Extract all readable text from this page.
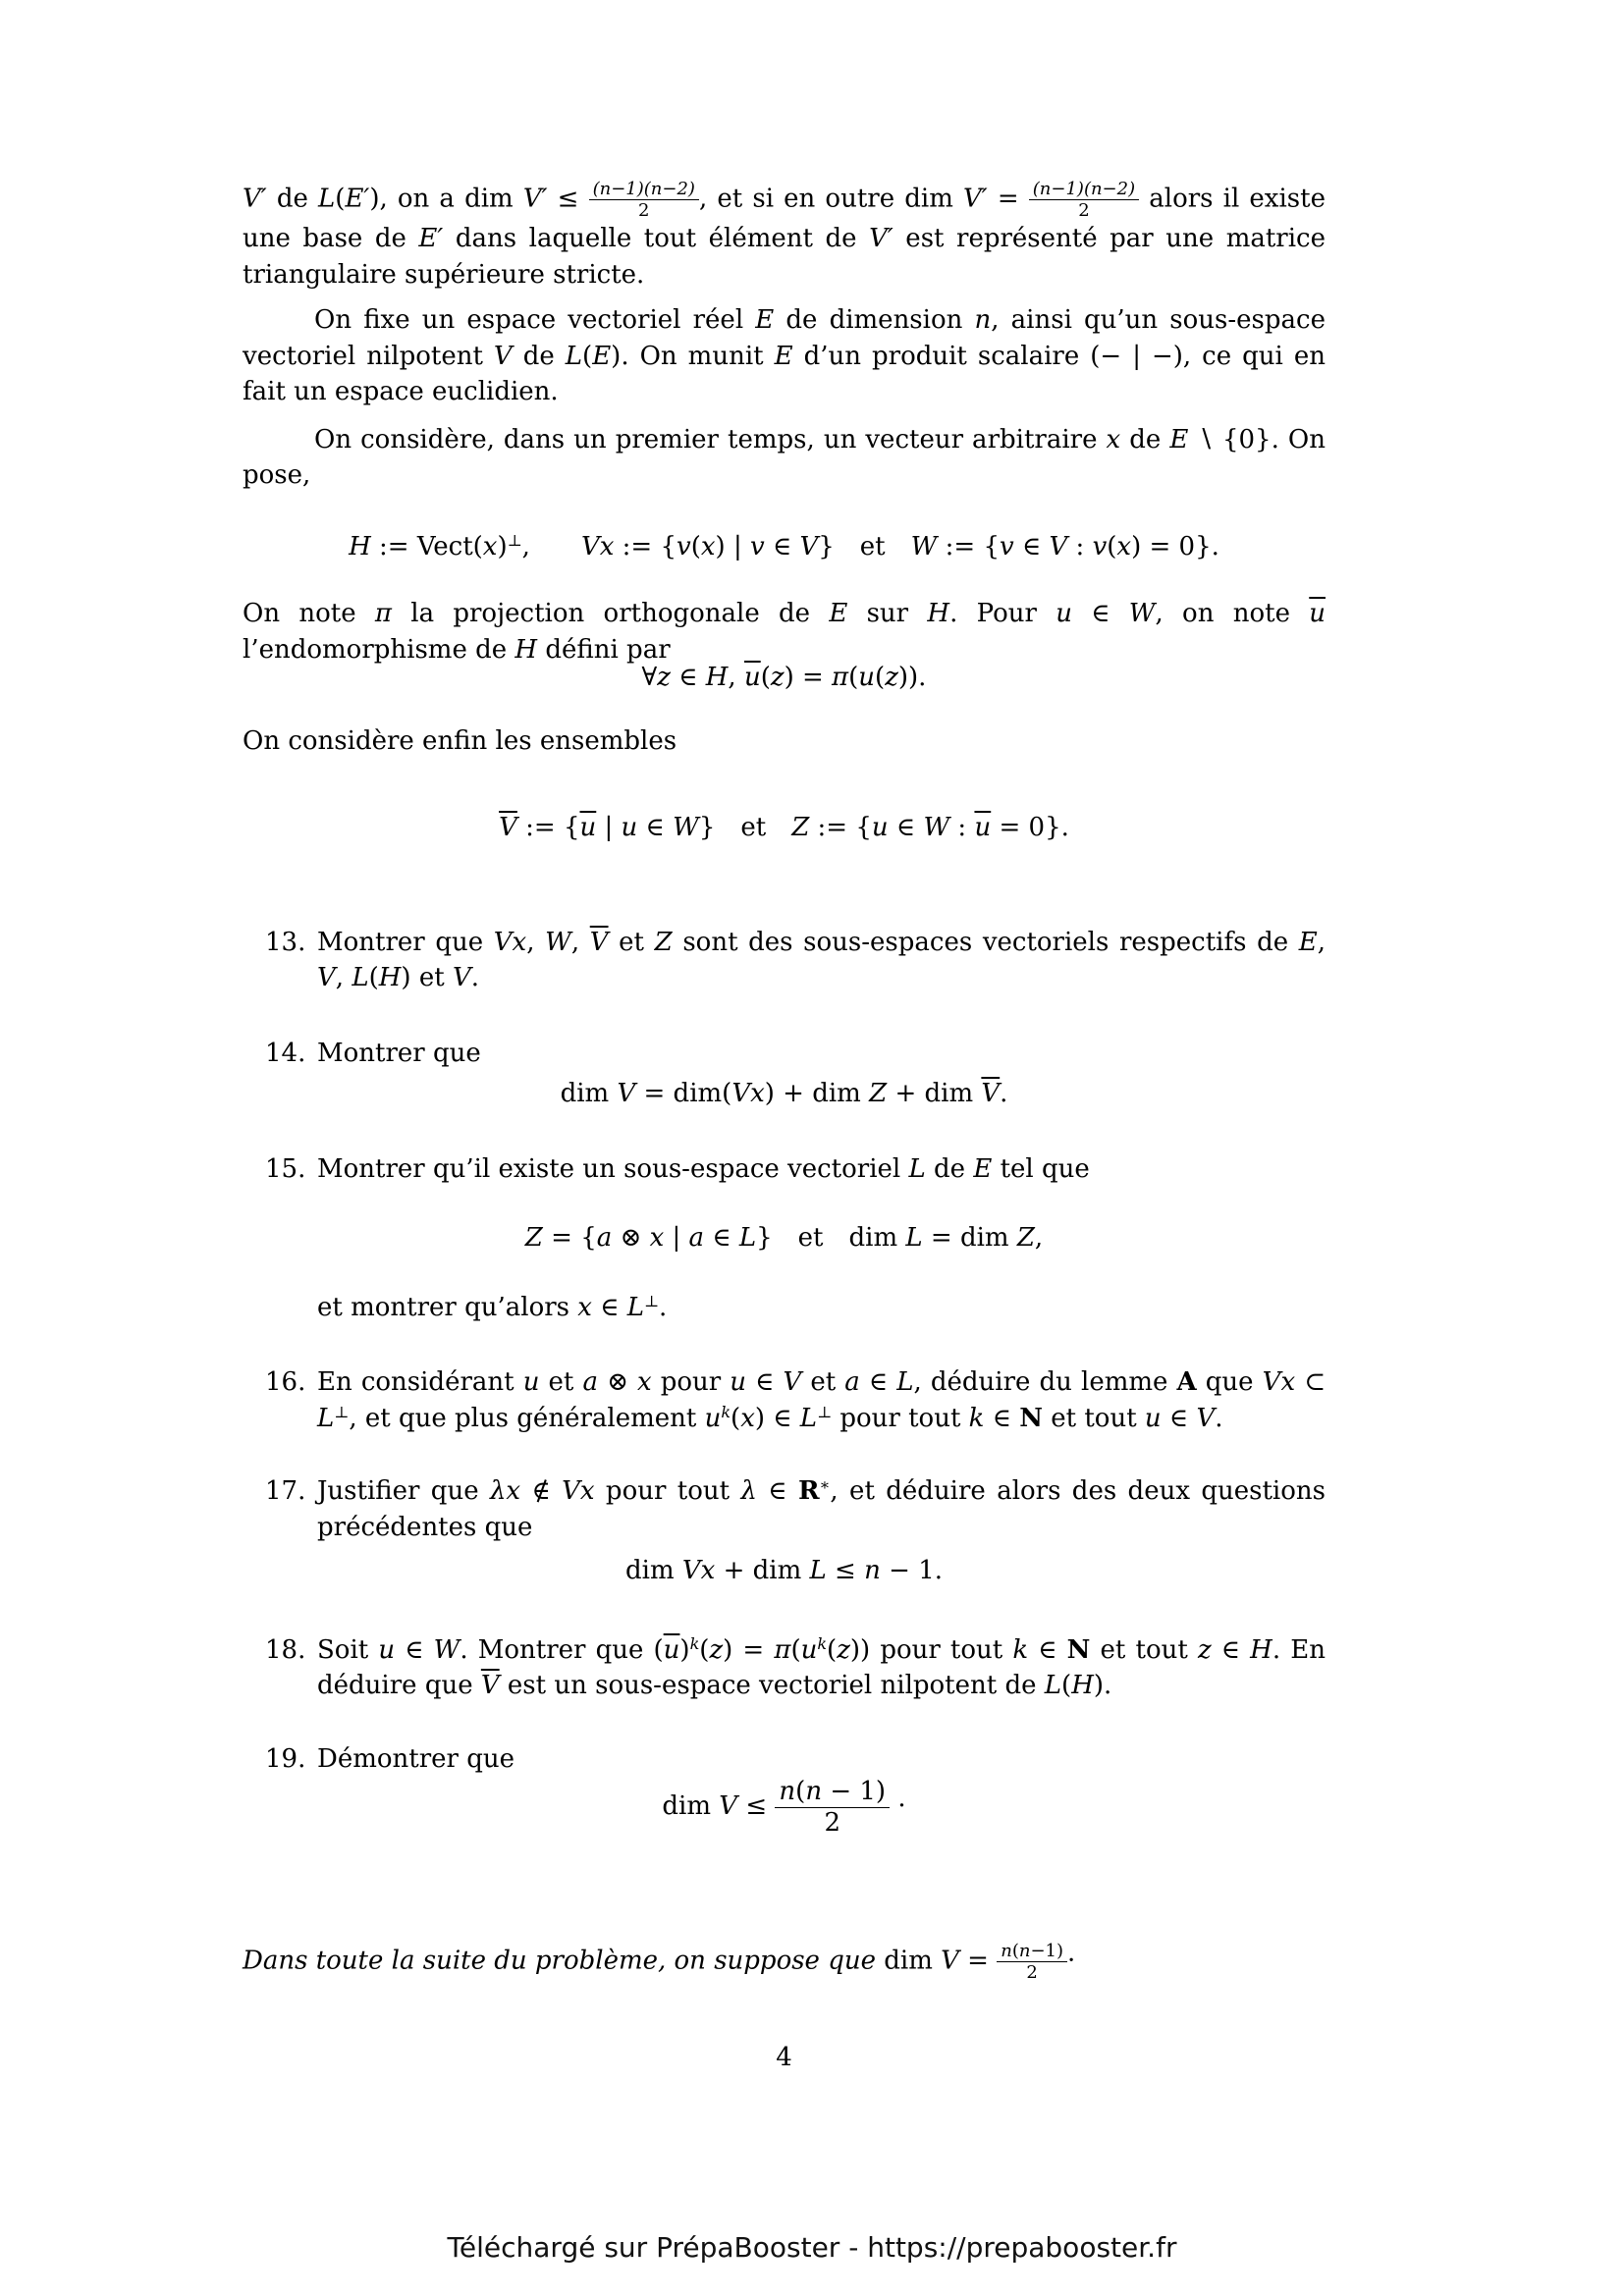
V′ de L(E′), on a dim $V' \le \frac{(n-1)(n-2)}{2}$ , et si en outre dim $V' = \frac{(n-1)(n-2)}{2}$ alors il existe une base de E′ dans laquelle tout élément de V′ est représenté par une matrice triangulaire supérieure stricte.
On fixe un espace vectoriel réel E de dimension n, ainsi qu’un sous-espace vectoriel nilpotent V de L(E). On munit E d’un produit scalaire (− | −), ce qui en fait un espace euclidien.
On considère, dans un premier temps, un vecteur arbitraire x de E ∖ {0}. On pose,
H := Vect(x)⊥,  Vx := {v(x) | v ∈ V} et W := {v ∈ V : v(x) = 0}.
On note π la projection orthogonale de E sur H. Pour u ∈ W, on note $\overline{u}$ l’endomorphisme de H défini par
∀z ∈ H, $\overline{u}(z) = \pi(u(z))$.
On considère enfin les ensembles
$\overline{V}$ := {$\overline{u}$ | u ∈ W} et Z := {u ∈ W : $\overline{u} = 0$}.
13. Montrer que Vx, W, $\overline{V}$ et Z sont des sous-espaces vectoriels respectifs de E, V, L(H) et V.
14. Montrer que
dim V = dim(Vx) + dim Z + dim $\overline{V}$.
15. Montrer qu’il existe un sous-espace vectoriel L de E tel que
Z = {a ⊗ x | a ∈ L} et dim L = dim Z,
et montrer qu’alors x ∈ L⊥.
16. En considérant u et a ⊗ x pour u ∈ V et a ∈ L, déduire du lemme A que Vx ⊂ L⊥, et que plus généralement $u^k(x)$ ∈ L⊥ pour tout k ∈ N et tout u ∈ V.
17. Justifier que λx ∉ Vx pour tout λ ∈ R∗, et déduire alors des deux questions précédentes que
dim Vx + dim L ≤ n − 1.
18. Soit u ∈ W. Montrer que $(\overline{u})^k(z) = \pi(u^k(z))$ pour tout k ∈ N et tout z ∈ H. En déduire que $\overline{V}$ est un sous-espace vectoriel nilpotent de L(H).
19. Démontrer que
dim $V \le \frac{n(n - 1)}{2}$ ·
Dans toute la suite du problème, on suppose que dim $V = \frac{n(n-1)}{2}$ ·
4
Téléchargé sur PrépaBooster - https://prepabooster.fr
